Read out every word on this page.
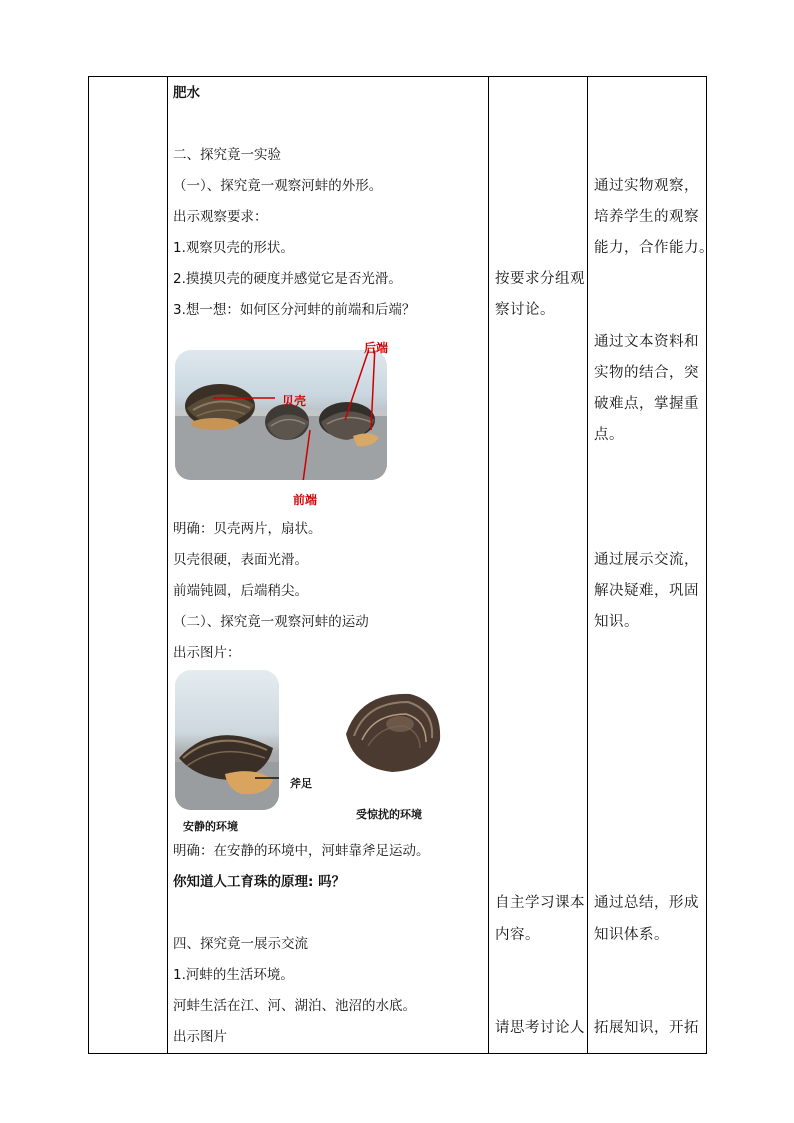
肥水
二、探究竟一实验
（一）、探究竟一观察河蚌的外形。
出示观察要求：
1.观察贝壳的形状。
2.摸摸贝壳的硬度并感觉它是否光滑。
3.想一想：如何区分河蚌的前端和后端？
后端
贝壳
前端
明确：贝壳两片，扇状。
贝壳很硬，表面光滑。
前端钝圆，后端稍尖。
（二）、探究竟一观察河蚌的运动
出示图片：
斧足
安静的环境
受惊扰的环境
明确：在安静的环境中，河蚌靠斧足运动。
你知道人工育珠的原理: 吗？
四、探究竟一展示交流
1.河蚌的生活环境。
河蚌生活在江、河、湖泊、池沼的水底。
出示图片
按要求分组观
察讨论。
自主学习课本
内容。
请思考讨论人
通过实物观察，
培养学生的观察
能力，合作能力。
通过文本资料和
实物的结合，突
破难点，掌握重
点。
通过展示交流，
解决疑难，巩固
知识。
通过总结，形成
知识体系。
拓展知识，开拓
